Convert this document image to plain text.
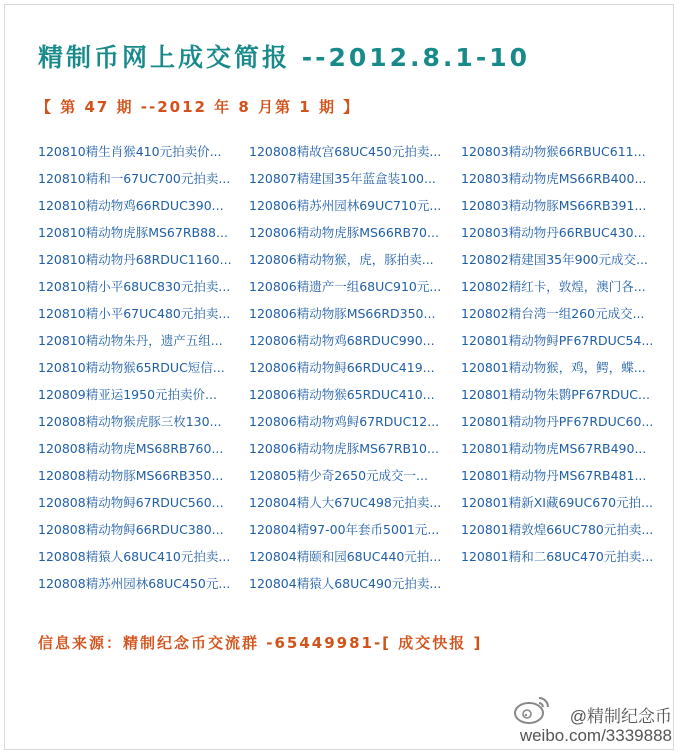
精制币网上成交简报 --2012.8.1-10
【 第 47 期 --2012 年 8 月第 1 期 】
120810精生肖猴410元拍卖价...
120810精和一67UC700元拍卖...
120810精动物鸡66RDUC390...
120810精动物虎豚MS67RB88...
120810精动物丹68RDUC1160...
120810精小平68UC830元拍卖...
120810精小平67UC480元拍卖...
120810精动物朱丹，遗产五组...
120810精动物猴65RDUC短信...
120809精亚运1950元拍卖价...
120808精动物猴虎豚三枚130...
120808精动物虎MS68RB760...
120808精动物豚MS66RB350...
120808精动物鲟67RDUC560...
120808精动物鲟66RDUC380...
120808精猿人68UC410元拍卖...
120808精苏州园林68UC450元...
120808精故宫68UC450元拍卖...
120807精建国35年蓝盒装100...
120806精苏州园林69UC710元...
120806精动物虎豚MS66RB70...
120806精动物猴，虎，豚拍卖...
120806精遗产一组68UC910元...
120806精动物豚MS66RD350...
120806精动物鸡68RDUC990...
120806精动物鲟66RDUC419...
120806精动物猴65RDUC410...
120806精动物鸡鲟67RDUC12...
120806精动物虎豚MS67RB10...
120805精少奇2650元成交一...
120804精人大67UC498元拍卖...
120804精97-00年套币5001元...
120804精颐和园68UC440元拍...
120804精猿人68UC490元拍卖...
120803精动物猴66RBUC611...
120803精动物虎MS66RB400...
120803精动物豚MS66RB391...
120803精动物丹66RBUC430...
120802精建国35年900元成交...
120802精红卡，敦煌，澳门各...
120802精台湾一组260元成交...
120801精动物鲟PF67RDUC54...
120801精动物猴，鸡，鳄，蝶...
120801精动物朱鹮PF67RDUC...
120801精动物丹PF67RDUC60...
120801精动物虎MS67RB490...
120801精动物丹MS67RB481...
120801精新XI藏69UC670元拍...
120801精敦煌66UC780元拍卖...
120801精和二68UC470元拍卖...
信息来源：精制纪念币交流群 -65449981-[ 成交快报 ]
@精制纪念币
weibo.com/3339888
